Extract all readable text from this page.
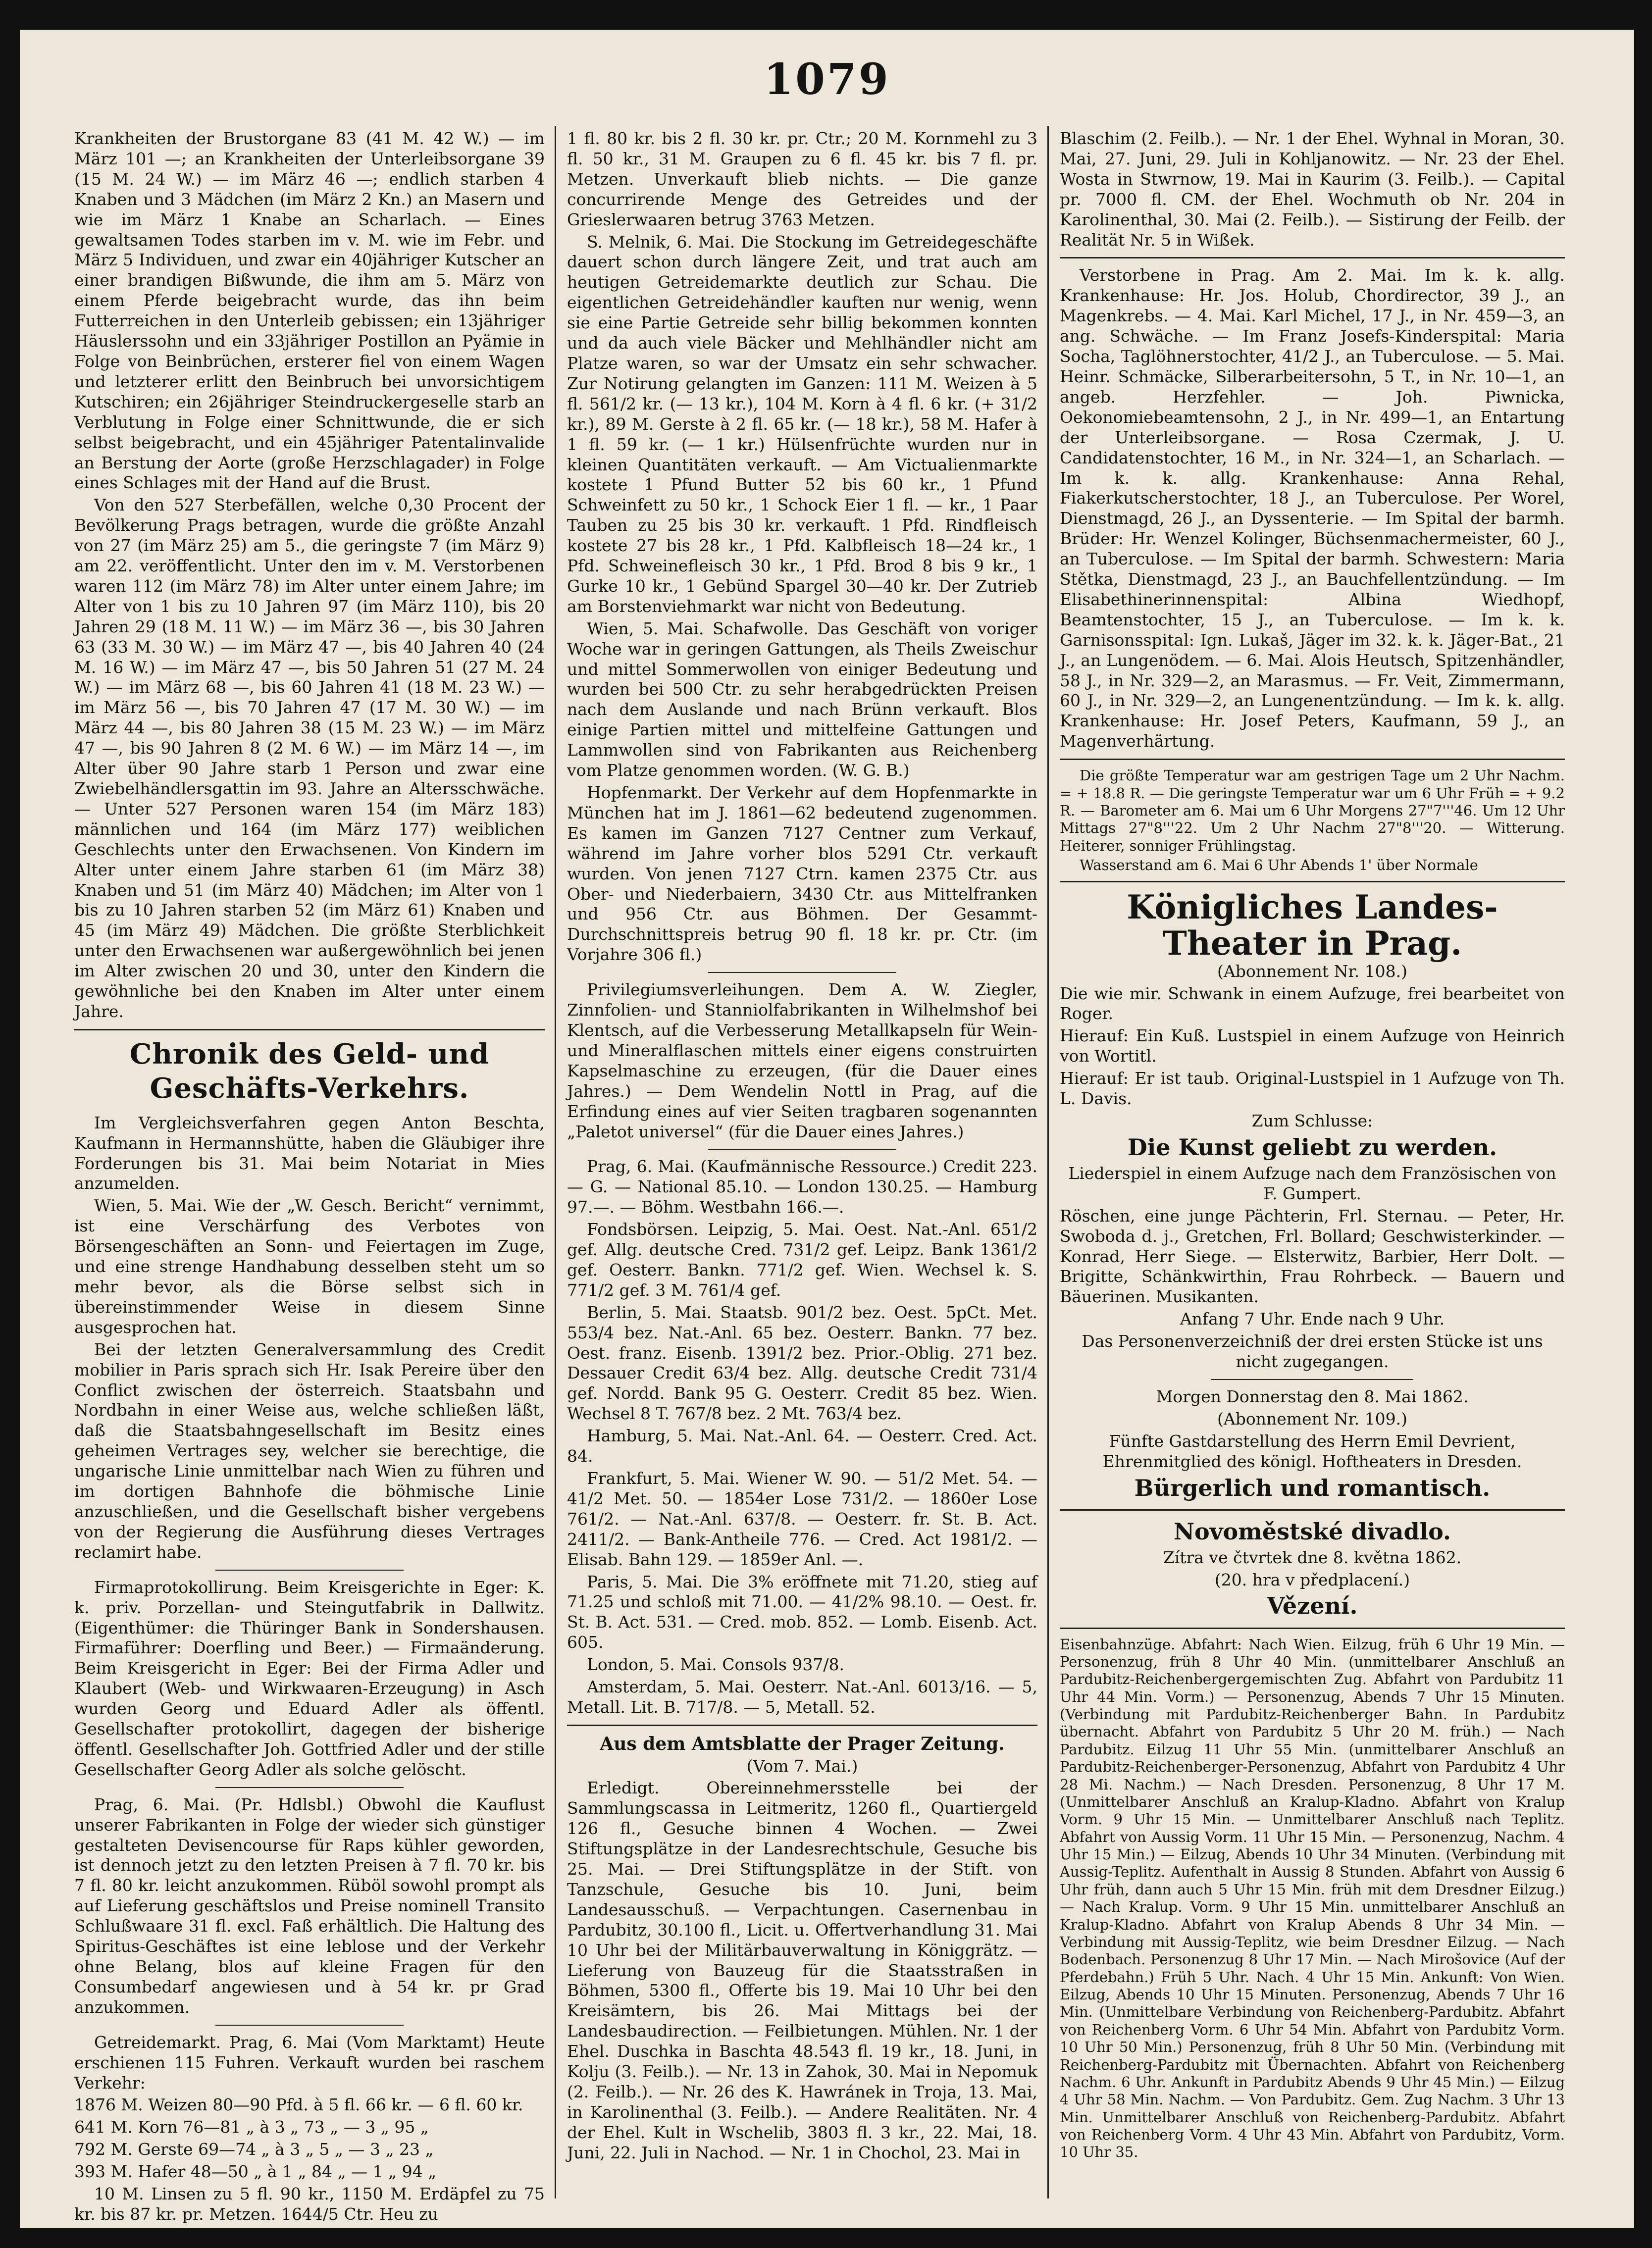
1079

Krankheiten der Brustorgane 83 (41 M. 42 W.) — im März 101 —; an Krankheiten der Unterleibsorgane 39 (15 M. 24 W.) — im März 46 —; endlich starben 4 Knaben und 3 Mädchen (im März 2 Kn.) an Masern und wie im März 1 Knabe an Scharlach. — Eines gewaltsamen Todes starben im v. M. wie im Febr. und März 5 Individuen, und zwar ein 40jähriger Kutscher an einer brandigen Bißwunde, die ihm am 5. März von einem Pferde beigebracht wurde, das ihn beim Futterreichen in den Unterleib gebissen; ein 13jähriger Häuslerssohn und ein 33jähriger Postillon an Pyämie in Folge von Beinbrüchen, ersterer fiel von einem Wagen und letzterer erlitt den Beinbruch bei unvorsichtigem Kutschiren; ein 26jähriger Steindruckergeselle starb an Verblutung in Folge einer Schnittwunde, die er sich selbst beigebracht, und ein 45jähriger Patentalinvalide an Berstung der Aorte (große Herzschlagader) in Folge eines Schlages mit der Hand auf die Brust.

Von den 527 Sterbefällen, welche 0,30 Procent der Bevölkerung Prags betragen, wurde die größte Anzahl von 27 (im März 25) am 5., die geringste 7 (im März 9) am 22. veröffentlicht. Unter den im v. M. Verstorbenen waren 112 (im März 78) im Alter unter einem Jahre; im Alter von 1 bis zu 10 Jahren 97 (im März 110), bis 20 Jahren 29 (18 M. 11 W.) — im März 36 —, bis 30 Jahren 63 (33 M. 30 W.) — im März 47 —, bis 40 Jahren 40 (24 M. 16 W.) — im März 47 —, bis 50 Jahren 51 (27 M. 24 W.) — im März 68 —, bis 60 Jahren 41 (18 M. 23 W.) — im März 56 —, bis 70 Jahren 47 (17 M. 30 W.) — im März 44 —, bis 80 Jahren 38 (15 M. 23 W.) — im März 47 —, bis 90 Jahren 8 (2 M. 6 W.) — im März 14 —, im Alter über 90 Jahre starb 1 Person und zwar eine Zwiebelhändlersgattin im 93. Jahre an Altersschwäche. — Unter 527 Personen waren 154 (im März 183) männlichen und 164 (im März 177) weiblichen Geschlechts unter den Erwachsenen. Von Kindern im Alter unter einem Jahre starben 61 (im März 38) Knaben und 51 (im März 40) Mädchen; im Alter von 1 bis zu 10 Jahren starben 52 (im März 61) Knaben und 45 (im März 49) Mädchen. Die größte Sterblichkeit unter den Erwachsenen war außergewöhnlich bei jenen im Alter zwischen 20 und 30, unter den Kindern die gewöhnliche bei den Knaben im Alter unter einem Jahre.

Chronik des Geld- und Geschäfts-Verkehrs.

Im Vergleichsverfahren gegen Anton Beschta, Kaufmann in Hermannshütte, haben die Gläubiger ihre Forderungen bis 31. Mai beim Notariat in Mies anzumelden.

Wien, 5. Mai. Wie der „W. Gesch. Bericht“ vernimmt, ist eine Verschärfung des Verbotes von Börsengeschäften an Sonn- und Feiertagen im Zuge, und eine strenge Handhabung desselben steht um so mehr bevor, als die Börse selbst sich in übereinstimmender Weise in diesem Sinne ausgesprochen hat.

Bei der letzten Generalversammlung des Credit mobilier in Paris sprach sich Hr. Isak Pereire über den Conflict zwischen der österreich. Staatsbahn und Nordbahn in einer Weise aus, welche schließen läßt, daß die Staatsbahngesellschaft im Besitz eines geheimen Vertrages sey, welcher sie berechtige, die ungarische Linie unmittelbar nach Wien zu führen und im dortigen Bahnhofe die böhmische Linie anzuschließen, und die Gesellschaft bisher vergebens von der Regierung die Ausführung dieses Vertrages reclamirt habe.

Firmaprotokollirung. Beim Kreisgerichte in Eger: K. k. priv. Porzellan- und Steingutfabrik in Dallwitz. (Eigenthümer: die Thüringer Bank in Sondershausen. Firmaführer: Doerfling und Beer.) — Firmaänderung. Beim Kreisgericht in Eger: Bei der Firma Adler und Klaubert (Web- und Wirkwaaren-Erzeugung) in Asch wurden Georg und Eduard Adler als öffentl. Gesellschafter protokollirt, dagegen der bisherige öffentl. Gesellschafter Joh. Gottfried Adler und der stille Gesellschafter Georg Adler als solche gelöscht.

Prag, 6. Mai. (Pr. Hdlsbl.) Obwohl die Kauflust unserer Fabrikanten in Folge der wieder sich günstiger gestalteten Devisencourse für Raps kühler geworden, ist dennoch jetzt zu den letzten Preisen à 7 fl. 70 kr. bis 7 fl. 80 kr. leicht anzukommen. Rüböl sowohl prompt als auf Lieferung geschäftslos und Preise nominell Transito Schlußwaare 31 fl. excl. Faß erhältlich. Die Haltung des Spiritus-Geschäftes ist eine leblose und der Verkehr ohne Belang, blos auf kleine Fragen für den Consumbedarf angewiesen und à 54 kr. pr Grad anzukommen.

Getreidemarkt. Prag, 6. Mai (Vom Marktamt) Heute erschienen 115 Fuhren. Verkauft wurden bei raschem Verkehr:

1876 M. Weizen 80—90 Pfd. à 5 fl. 66 kr. — 6 fl. 60 kr.

641 M. Korn 76—81 „ à 3 „ 73 „ — 3 „ 95 „

792 M. Gerste 69—74 „ à 3 „ 5 „ — 3 „ 23 „

393 M. Hafer 48—50 „ à 1 „ 84 „ — 1 „ 94 „

10 M. Linsen zu 5 fl. 90 kr., 1150 M. Erdäpfel zu 75 kr. bis 87 kr. pr. Metzen. 1644/5 Ctr. Heu zu

1 fl. 80 kr. bis 2 fl. 30 kr. pr. Ctr.; 20 M. Kornmehl zu 3 fl. 50 kr., 31 M. Graupen zu 6 fl. 45 kr. bis 7 fl. pr. Metzen. Unverkauft blieb nichts. — Die ganze concurrirende Menge des Getreides und der Grieslerwaaren betrug 3763 Metzen.

S. Melnik, 6. Mai. Die Stockung im Getreidegeschäfte dauert schon durch längere Zeit, und trat auch am heutigen Getreidemarkte deutlich zur Schau. Die eigentlichen Getreidehändler kauften nur wenig, wenn sie eine Partie Getreide sehr billig bekommen konnten und da auch viele Bäcker und Mehlhändler nicht am Platze waren, so war der Umsatz ein sehr schwacher. Zur Notirung gelangten im Ganzen: 111 M. Weizen à 5 fl. 561/2 kr. (— 13 kr.), 104 M. Korn à 4 fl. 6 kr. (+ 31/2 kr.), 89 M. Gerste à 2 fl. 65 kr. (— 18 kr.), 58 M. Hafer à 1 fl. 59 kr. (— 1 kr.) Hülsenfrüchte wurden nur in kleinen Quantitäten verkauft. — Am Victualienmarkte kostete 1 Pfund Butter 52 bis 60 kr., 1 Pfund Schweinfett zu 50 kr., 1 Schock Eier 1 fl. — kr., 1 Paar Tauben zu 25 bis 30 kr. verkauft. 1 Pfd. Rindfleisch kostete 27 bis 28 kr., 1 Pfd. Kalbfleisch 18—24 kr., 1 Pfd. Schweinefleisch 30 kr., 1 Pfd. Brod 8 bis 9 kr., 1 Gurke 10 kr., 1 Gebünd Spargel 30—40 kr. Der Zutrieb am Borstenviehmarkt war nicht von Bedeutung.

Wien, 5. Mai. Schafwolle. Das Geschäft von voriger Woche war in geringen Gattungen, als Theils Zweischur und mittel Sommerwollen von einiger Bedeutung und wurden bei 500 Ctr. zu sehr herabgedrückten Preisen nach dem Auslande und nach Brünn verkauft. Blos einige Partien mittel und mittelfeine Gattungen und Lammwollen sind von Fabrikanten aus Reichenberg vom Platze genommen worden. (W. G. B.)

Hopfenmarkt. Der Verkehr auf dem Hopfenmarkte in München hat im J. 1861—62 bedeutend zugenommen. Es kamen im Ganzen 7127 Centner zum Verkauf, während im Jahre vorher blos 5291 Ctr. verkauft wurden. Von jenen 7127 Ctrn. kamen 2375 Ctr. aus Ober- und Niederbaiern, 3430 Ctr. aus Mittelfranken und 956 Ctr. aus Böhmen. Der Gesammt-Durchschnittspreis betrug 90 fl. 18 kr. pr. Ctr. (im Vorjahre 306 fl.)

Privilegiumsverleihungen. Dem A. W. Ziegler, Zinnfolien- und Stanniolfabrikanten in Wilhelmshof bei Klentsch, auf die Verbesserung Metallkapseln für Wein- und Mineralflaschen mittels einer eigens construirten Kapselmaschine zu erzeugen, (für die Dauer eines Jahres.) — Dem Wendelin Nottl in Prag, auf die Erfindung eines auf vier Seiten tragbaren sogenannten „Paletot universel“ (für die Dauer eines Jahres.)

Prag, 6. Mai. (Kaufmännische Ressource.) Credit 223.— G. — National 85.10. — London 130.25. — Hamburg 97.—. — Böhm. Westbahn 166.—.

Fondsbörsen. Leipzig, 5. Mai. Oest. Nat.-Anl. 651/2 gef. Allg. deutsche Cred. 731/2 gef. Leipz. Bank 1361/2 gef. Oesterr. Bankn. 771/2 gef. Wien. Wechsel k. S. 771/2 gef. 3 M. 761/4 gef.

Berlin, 5. Mai. Staatsb. 901/2 bez. Oest. 5pCt. Met. 553/4 bez. Nat.-Anl. 65 bez. Oesterr. Bankn. 77 bez. Oest. franz. Eisenb. 1391/2 bez. Prior.-Oblig. 271 bez. Dessauer Credit 63/4 bez. Allg. deutsche Credit 731/4 gef. Nordd. Bank 95 G. Oesterr. Credit 85 bez. Wien. Wechsel 8 T. 767/8 bez. 2 Mt. 763/4 bez.

Hamburg, 5. Mai. Nat.-Anl. 64. — Oesterr. Cred. Act. 84.

Frankfurt, 5. Mai. Wiener W. 90. — 51/2 Met. 54. — 41/2 Met. 50. — 1854er Lose 731/2. — 1860er Lose 761/2. — Nat.-Anl. 637/8. — Oesterr. fr. St. B. Act. 2411/2. — Bank-Antheile 776. — Cred. Act 1981/2. — Elisab. Bahn 129. — 1859er Anl. —.

Paris, 5. Mai. Die 3% eröffnete mit 71.20, stieg auf 71.25 und schloß mit 71.00. — 41/2% 98.10. — Oest. fr. St. B. Act. 531. — Cred. mob. 852. — Lomb. Eisenb. Act. 605.

London, 5. Mai. Consols 937/8.

Amsterdam, 5. Mai. Oesterr. Nat.-Anl. 6013/16. — 5, Metall. Lit. B. 717/8. — 5, Metall. 52.

Aus dem Amtsblatte der Prager Zeitung.

(Vom 7. Mai.)

Erledigt. Obereinnehmersstelle bei der Sammlungscassa in Leitmeritz, 1260 fl., Quartiergeld 126 fl., Gesuche binnen 4 Wochen. — Zwei Stiftungsplätze in der Landesrechtschule, Gesuche bis 25. Mai. — Drei Stiftungsplätze in der Stift. von Tanzschule, Gesuche bis 10. Juni, beim Landesausschuß. — Verpachtungen. Casernenbau in Pardubitz, 30.100 fl., Licit. u. Offertverhandlung 31. Mai 10 Uhr bei der Militärbauverwaltung in Königgrätz. — Lieferung von Bauzeug für die Staatsstraßen in Böhmen, 5300 fl., Offerte bis 19. Mai 10 Uhr bei den Kreisämtern, bis 26. Mai Mittags bei der Landesbaudirection. — Feilbietungen. Mühlen. Nr. 1 der Ehel. Duschka in Baschta 48.543 fl. 19 kr., 18. Juni, in Kolju (3. Feilb.). — Nr. 13 in Zahok, 30. Mai in Nepomuk (2. Feilb.). — Nr. 26 des K. Hawránek in Troja, 13. Mai, in Karolinenthal (3. Feilb.). — Andere Realitäten. Nr. 4 der Ehel. Kult in Wschelib, 3803 fl. 3 kr., 22. Mai, 18. Juni, 22. Juli in Nachod. — Nr. 1 in Chochol, 23. Mai in

Blaschim (2. Feilb.). — Nr. 1 der Ehel. Wyhnal in Moran, 30. Mai, 27. Juni, 29. Juli in Kohljanowitz. — Nr. 23 der Ehel. Wosta in Stwrnow, 19. Mai in Kaurim (3. Feilb.). — Capital pr. 7000 fl. CM. der Ehel. Wochmuth ob Nr. 204 in Karolinenthal, 30. Mai (2. Feilb.). — Sistirung der Feilb. der Realität Nr. 5 in Wißek.

Verstorbene in Prag. Am 2. Mai. Im k. k. allg. Krankenhause: Hr. Jos. Holub, Chordirector, 39 J., an Magenkrebs. — 4. Mai. Karl Michel, 17 J., in Nr. 459—3, an ang. Schwäche. — Im Franz Josefs-Kinderspital: Maria Socha, Taglöhnerstochter, 41/2 J., an Tuberculose. — 5. Mai. Heinr. Schmäcke, Silberarbeitersohn, 5 T., in Nr. 10—1, an angeb. Herzfehler. — Joh. Piwnicka, Oekonomiebeamtensohn, 2 J., in Nr. 499—1, an Entartung der Unterleibsorgane. — Rosa Czermak, J. U. Candidatenstochter, 16 M., in Nr. 324—1, an Scharlach. — Im k. k. allg. Krankenhause: Anna Rehal, Fiakerkutscherstochter, 18 J., an Tuberculose. Per Worel, Dienstmagd, 26 J., an Dyssenterie. — Im Spital der barmh. Brüder: Hr. Wenzel Kolinger, Büchsenmachermeister, 60 J., an Tuberculose. — Im Spital der barmh. Schwestern: Maria Stětka, Dienstmagd, 23 J., an Bauchfellentzündung. — Im Elisabethinerinnenspital: Albina Wiedhopf, Beamtenstochter, 15 J., an Tuberculose. — Im k. k. Garnisonsspital: Ign. Lukaš, Jäger im 32. k. k. Jäger-Bat., 21 J., an Lungenödem. — 6. Mai. Alois Heutsch, Spitzenhändler, 58 J., in Nr. 329—2, an Marasmus. — Fr. Veit, Zimmermann, 60 J., in Nr. 329—2, an Lungenentzündung. — Im k. k. allg. Krankenhause: Hr. Josef Peters, Kaufmann, 59 J., an Magenverhärtung.

Die größte Temperatur war am gestrigen Tage um 2 Uhr Nachm. = + 18.8 R. — Die geringste Temperatur war um 6 Uhr Früh = + 9.2 R. — Barometer am 6. Mai um 6 Uhr Morgens 27"7'''46. Um 12 Uhr Mittags 27"8'''22. Um 2 Uhr Nachm 27"8'''20. — Witterung. Heiterer, sonniger Frühlingstag.

Wasserstand am 6. Mai 6 Uhr Abends 1' über Normale

Königliches Landes-Theater in Prag.

(Abonnement Nr. 108.)

Die wie mir. Schwank in einem Aufzuge, frei bearbeitet von Roger.

Hierauf: Ein Kuß. Lustspiel in einem Aufzuge von Heinrich von Wortitl.

Hierauf: Er ist taub. Original-Lustspiel in 1 Aufzuge von Th. L. Davis.

Zum Schlusse:

Die Kunst geliebt zu werden.

Liederspiel in einem Aufzuge nach dem Französischen von F. Gumpert.

Röschen, eine junge Pächterin, Frl. Sternau. — Peter, Hr. Swoboda d. j., Gretchen, Frl. Bollard; Geschwisterkinder. — Konrad, Herr Siege. — Elsterwitz, Barbier, Herr Dolt. — Brigitte, Schänkwirthin, Frau Rohrbeck. — Bauern und Bäuerinen. Musikanten.

Anfang 7 Uhr. Ende nach 9 Uhr.

Das Personenverzeichniß der drei ersten Stücke ist uns nicht zugegangen.

Morgen Donnerstag den 8. Mai 1862.

(Abonnement Nr. 109.)

Fünfte Gastdarstellung des Herrn Emil Devrient, Ehrenmitglied des königl. Hoftheaters in Dresden.

Bürgerlich und romantisch.

Novoměstské divadlo.

Zítra ve čtvrtek dne 8. května 1862.

(20. hra v předplacení.)

Vězení.

Eisenbahnzüge. Abfahrt: Nach Wien. Eilzug, früh 6 Uhr 19 Min. — Personenzug, früh 8 Uhr 40 Min. (unmittelbarer Anschluß an Pardubitz-Reichenbergergemischten Zug. Abfahrt von Pardubitz 11 Uhr 44 Min. Vorm.) — Personenzug, Abends 7 Uhr 15 Minuten. (Verbindung mit Pardubitz-Reichenberger Bahn. In Pardubitz übernacht. Abfahrt von Pardubitz 5 Uhr 20 M. früh.) — Nach Pardubitz. Eilzug 11 Uhr 55 Min. (unmittelbarer Anschluß an Pardubitz-Reichenberger-Personenzug, Abfahrt von Pardubitz 4 Uhr 28 Mi. Nachm.) — Nach Dresden. Personenzug, 8 Uhr 17 M. (Unmittelbarer Anschluß an Kralup-Kladno. Abfahrt von Kralup Vorm. 9 Uhr 15 Min. — Unmittelbarer Anschluß nach Teplitz. Abfahrt von Aussig Vorm. 11 Uhr 15 Min. — Personenzug, Nachm. 4 Uhr 15 Min.) — Eilzug, Abends 10 Uhr 34 Minuten. (Verbindung mit Aussig-Teplitz. Aufenthalt in Aussig 8 Stunden. Abfahrt von Aussig 6 Uhr früh, dann auch 5 Uhr 15 Min. früh mit dem Dresdner Eilzug.) — Nach Kralup. Vorm. 9 Uhr 15 Min. unmittelbarer Anschluß an Kralup-Kladno. Abfahrt von Kralup Abends 8 Uhr 34 Min. — Verbindung mit Aussig-Teplitz, wie beim Dresdner Eilzug. — Nach Bodenbach. Personenzug 8 Uhr 17 Min. — Nach Mirošovice (Auf der Pferdebahn.) Früh 5 Uhr. Nach. 4 Uhr 15 Min. Ankunft: Von Wien. Eilzug, Abends 10 Uhr 15 Minuten. Personenzug, Abends 7 Uhr 16 Min. (Unmittelbare Verbindung von Reichenberg-Pardubitz. Abfahrt von Reichenberg Vorm. 6 Uhr 54 Min. Abfahrt von Pardubitz Vorm. 10 Uhr 50 Min.) Personenzug, früh 8 Uhr 50 Min. (Verbindung mit Reichenberg-Pardubitz mit Übernachten. Abfahrt von Reichenberg Nachm. 6 Uhr. Ankunft in Pardubitz Abends 9 Uhr 45 Min.) — Eilzug 4 Uhr 58 Min. Nachm. — Von Pardubitz. Gem. Zug Nachm. 3 Uhr 13 Min. Unmittelbarer Anschluß von Reichenberg-Pardubitz. Abfahrt von Reichenberg Vorm. 4 Uhr 43 Min. Abfahrt von Pardubitz, Vorm. 10 Uhr 35.
